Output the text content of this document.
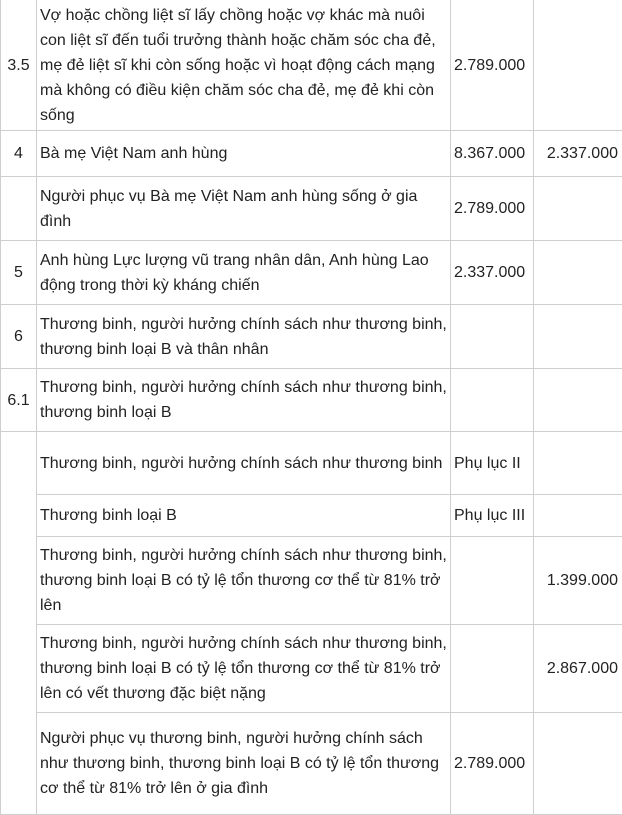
3.5	Vợ hoặc chồng liệt sĩ lấy chồng hoặc vợ khác mà nuôi con liệt sĩ đến tuổi trưởng thành hoặc chăm sóc cha đẻ, mẹ đẻ liệt sĩ khi còn sống hoặc vì hoạt động cách mạng mà không có điều kiện chăm sóc cha đẻ, mẹ đẻ khi còn sống	2.789.000	
4	Bà mẹ Việt Nam anh hùng	8.367.000	2.337.000
	Người phục vụ Bà mẹ Việt Nam anh hùng sống ở gia đình	2.789.000	
5	Anh hùng Lực lượng vũ trang nhân dân, Anh hùng Lao động trong thời kỳ kháng chiến	2.337.000	
6	Thương binh, người hưởng chính sách như thương binh, thương binh loại B và thân nhân		
6.1	Thương binh, người hưởng chính sách như thương binh, thương binh loại B		
	Thương binh, người hưởng chính sách như thương binh	Phụ lục II	
	Thương binh loại B	Phụ lục III	
	Thương binh, người hưởng chính sách như thương binh, thương binh loại B có tỷ lệ tổn thương cơ thể từ 81% trở lên		1.399.000
	Thương binh, người hưởng chính sách như thương binh, thương binh loại B có tỷ lệ tổn thương cơ thể từ 81% trở lên có vết thương đặc biệt nặng		2.867.000
	Người phục vụ thương binh, người hưởng chính sách như thương binh, thương binh loại B có tỷ lệ tổn thương cơ thể từ 81% trở lên ở gia đình	2.789.000	
